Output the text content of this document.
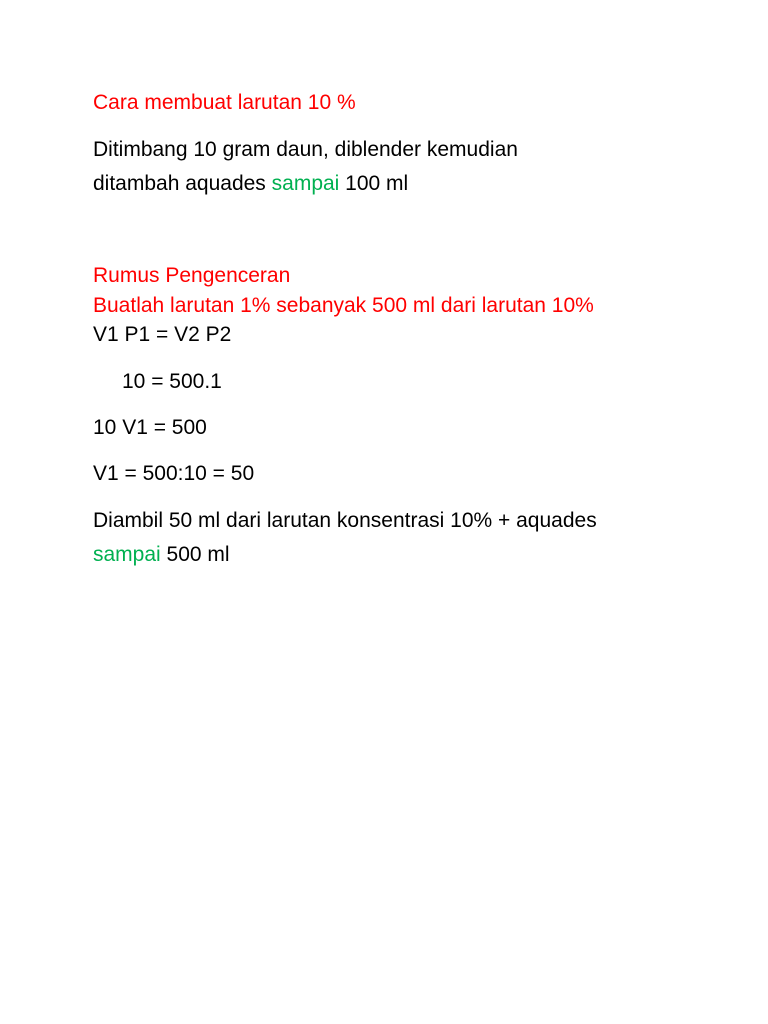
Cara membuat larutan 10 %
Ditimbang 10 gram daun, diblender kemudian
ditambah aquades sampai 100 ml
Rumus Pengenceran
Buatlah larutan 1% sebanyak 500 ml dari larutan 10%
V1 P1 = V2 P2
10 = 500.1
10 V1 = 500
V1 = 500:10 = 50
Diambil 50 ml dari larutan konsentrasi 10% + aquades
sampai 500 ml
